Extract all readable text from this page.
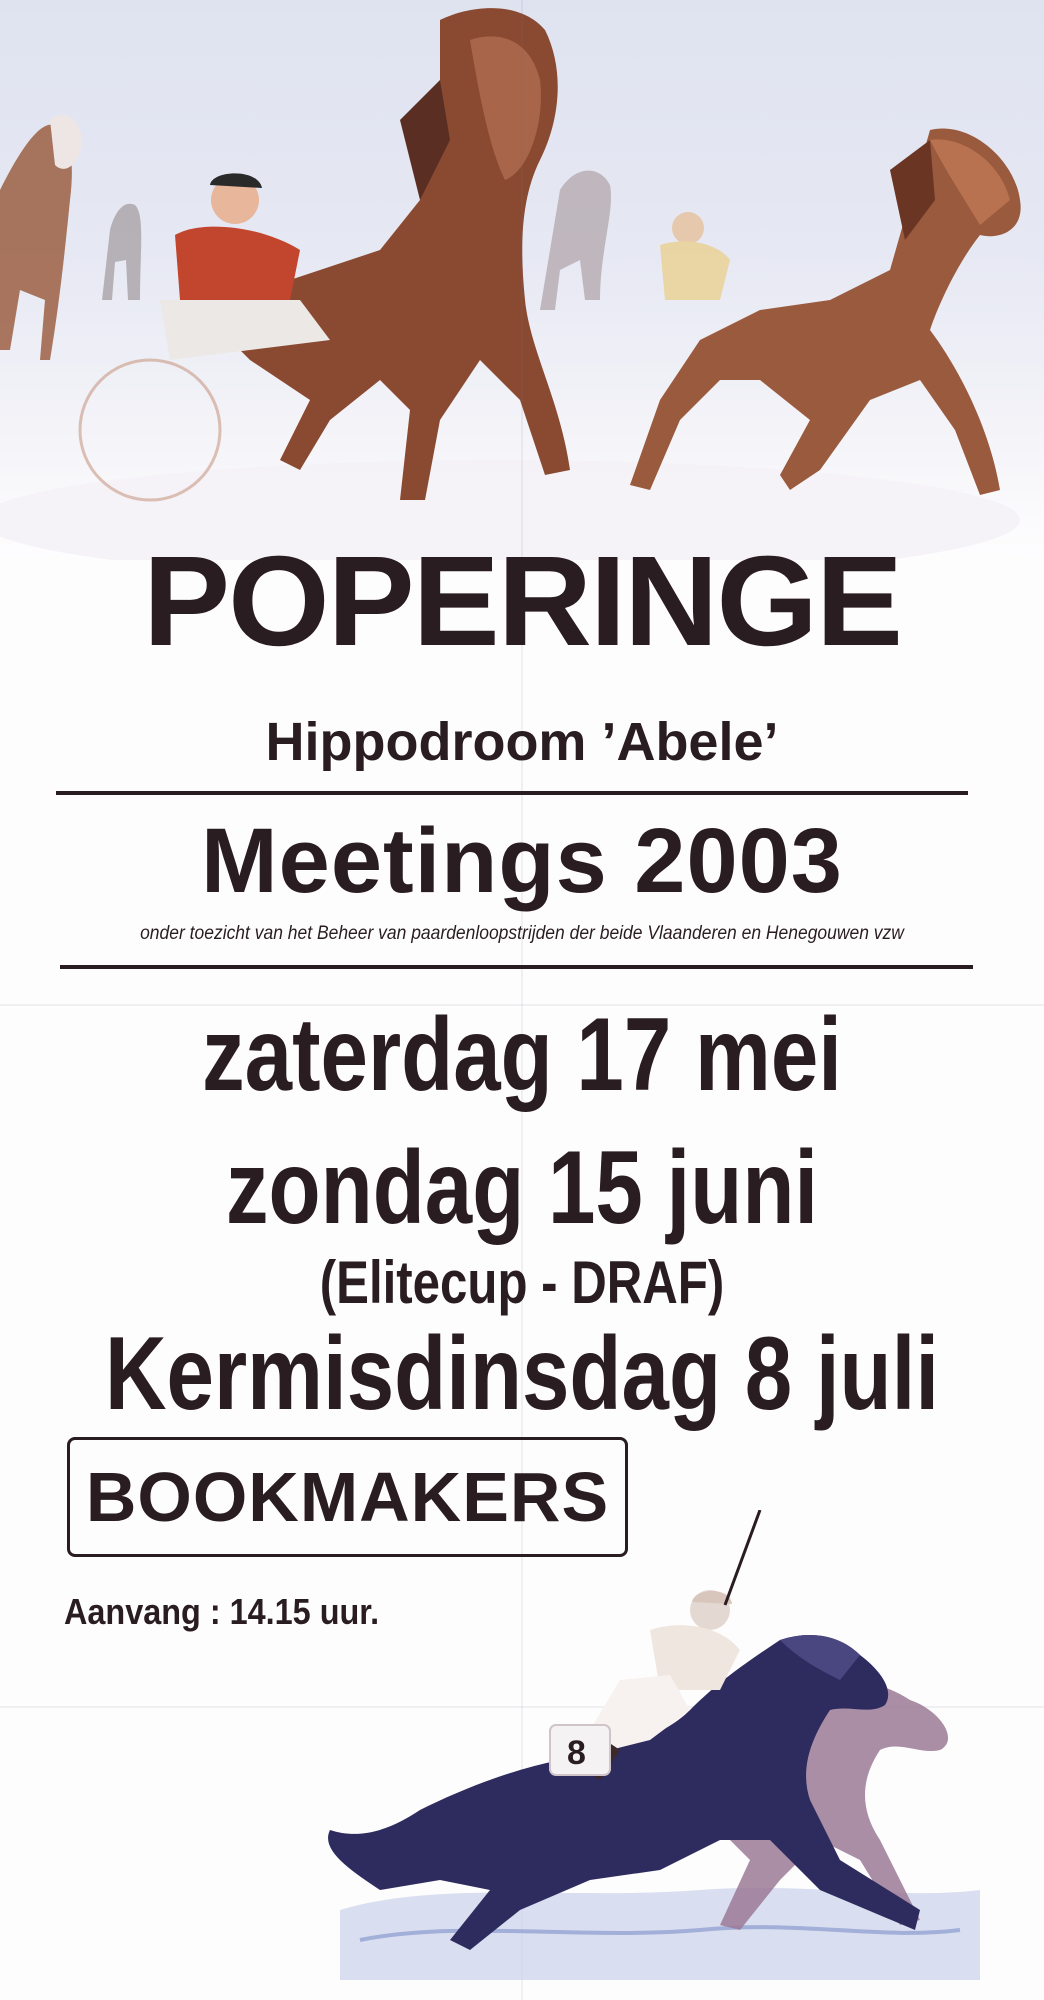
POPERINGE
Hippodroom ’Abele’
Meetings 2003
onder toezicht van het Beheer van paardenloopstrijden der beide Vlaanderen en Henegouwen vzw
zaterdag 17 mei
zondag 15 juni
(Elitecup - DRAF)
Kermisdinsdag 8 juli
BOOKMAKERS
Aanvang : 14.15 uur.
8
